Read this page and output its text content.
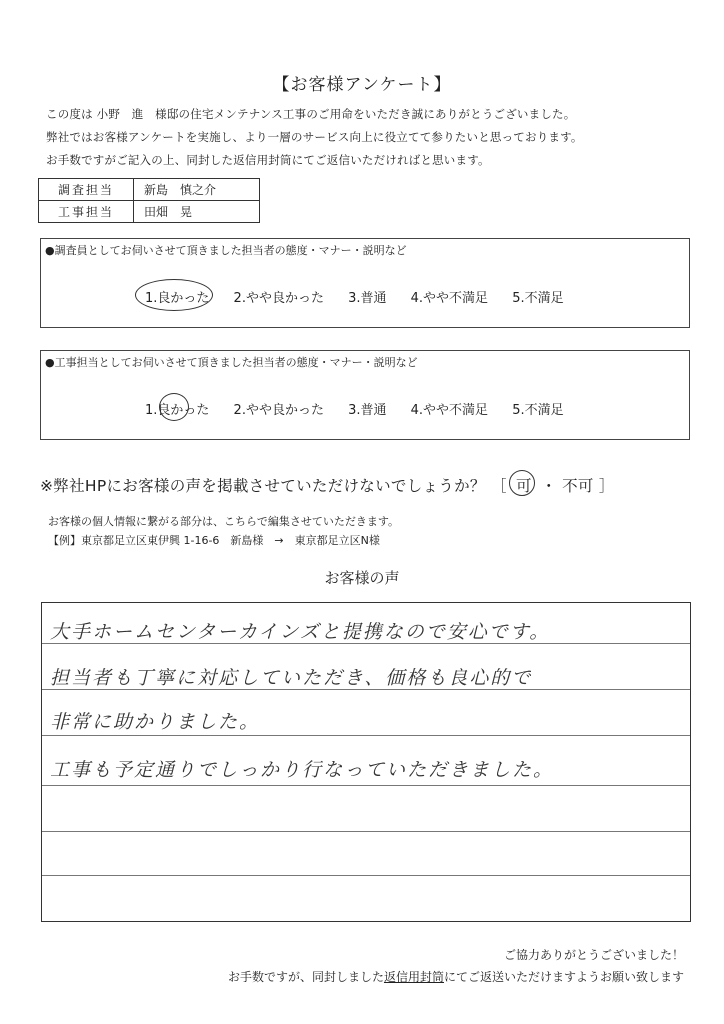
【お客様アンケート】
この度は 小野　進　様邸の住宅メンテナンス工事のご用命をいただき誠にありがとうございました。
弊社ではお客様アンケートを実施し、より一層のサービス向上に役立てて参りたいと思っております。
お手数ですがご記入の上、同封した返信用封筒にてご返信いただければと思います。
調査担当	新島　慎之介
工事担当	田畑　晃
●調査員としてお伺いさせて頂きました担当者の態度・マナー・説明など
1.良かった 2.やや良かった 3.普通 4.やや不満足 5.不満足
●工事担当としてお伺いさせて頂きました担当者の態度・マナー・説明など
1.良かった 2.やや良かった 3.普通 4.やや不満足 5.不満足
※弊社HPにお客様の声を掲載させていただけないでしょうか？ ［ 可 ・ 不可 ］
お客様の個人情報に繋がる部分は、こちらで編集させていただきます。
【例】東京都足立区東伊興 1-16-6　新島様　→　東京都足立区N様
お客様の声
大手ホームセンターカインズと提携なので安心です。
担当者も丁寧に対応していただき、価格も良心的で
非常に助かりました。
工事も予定通りでしっかり行なっていただきました。
ご協力ありがとうございました！
お手数ですが、同封しました返信用封筒にてご返送いただけますようお願い致します
